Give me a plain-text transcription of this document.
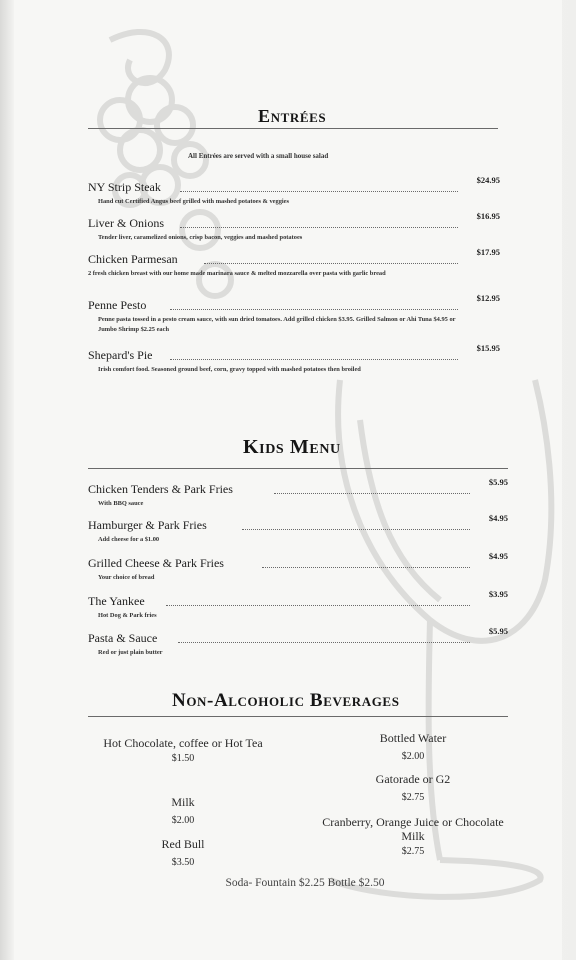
Entrées
All Entrées are served with a small house salad
NY Strip Steak	$24.95
Hand cut Certified Angus beef grilled with mashed potatoes & veggies
Liver & Onions	$16.95
Tender liver, caramelized onions, crisp bacon, veggies and mashed potatoes
Chicken Parmesan	$17.95
2 fresh chicken breast with our home made marinara sauce & melted mozzarella over pasta with garlic bread
Penne Pesto	$12.95
Penne pasta tossed in a pesto cream sauce, with sun dried tomatoes. Add grilled chicken $3.95. Grilled Salmon or Ahi Tuna $4.95 or Jumbo Shrimp $2.25 each
Shepard's Pie	$15.95
Irish comfort food. Seasoned ground beef, corn, gravy topped with mashed potatoes then broiled
Kids Menu
Chicken Tenders & Park Fries	$5.95
With BBQ sauce
Hamburger & Park Fries	$4.95
Add cheese for a $1.00
Grilled Cheese & Park Fries	$4.95
Your choice of bread
The Yankee	$3.95
Hot Dog & Park fries
Pasta & Sauce	$5.95
Red or just plain butter
Non-Alcoholic Beverages
Hot Chocolate, coffee or Hot Tea
$1.50
Milk
$2.00
Red Bull
$3.50
Bottled Water
$2.00
Gatorade or G2
$2.75
Cranberry, Orange Juice or Chocolate Milk
$2.75
Soda- Fountain $2.25 Bottle $2.50
